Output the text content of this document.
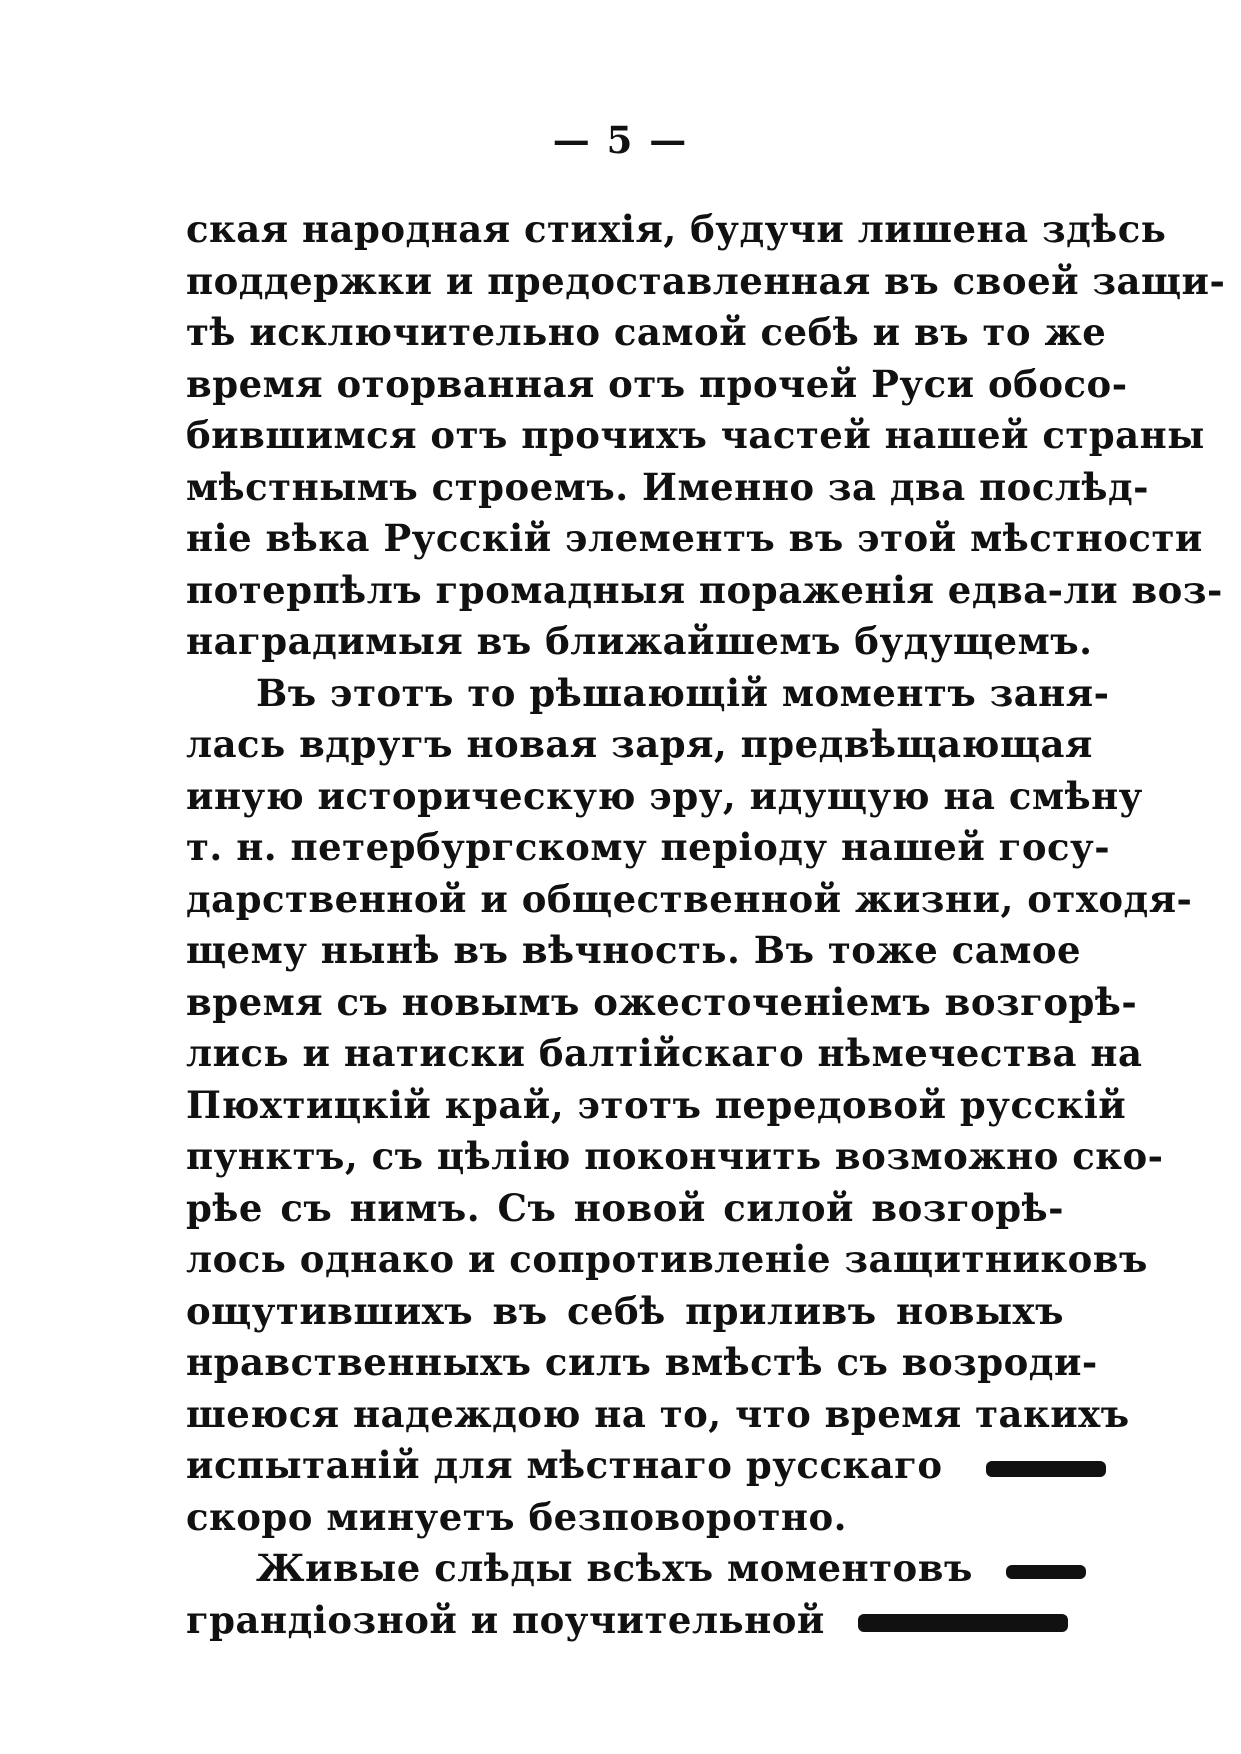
— 5 —
ская народная стихія, будучи лишена здѣсь
поддержки и предоставленная въ своей защи-
тѣ исключительно самой себѣ и въ то же
время оторванная отъ прочей Руси обосо-
бившимся отъ прочихъ частей нашей страны
мѣстнымъ строемъ. Именно за два послѣд-
ніе вѣка Русскій элементъ въ этой мѣстности
потерпѣлъ громадныя пораженія едва-ли воз-
наградимыя въ ближайшемъ будущемъ.
Въ этотъ то рѣшающій моментъ заня-
лась вдругъ новая заря, предвѣщающая
иную историческую эру, идущую на смѣну
т. н. петербургскому періоду нашей госу-
дарственной и общественной жизни, отходя-
щему нынѣ въ вѣчность. Въ тоже самое
время съ новымъ ожесточеніемъ возгорѣ-
лись и натиски балтійскаго нѣмечества на
Пюхтицкій край, этотъ передовой русскій
пунктъ, съ цѣлію покончить возможно ско-
рѣе съ нимъ. Съ новой силой возгорѣ-
лось однако и сопротивленіе защитниковъ
ощутившихъ въ себѣ приливъ новыхъ
нравственныхъ силъ вмѣстѣ съ возроди-
шеюся надеждою на то, что время такихъ
испытаній для мѣстнаго русскаго
скоро минуетъ безповоротно.
Живые слѣды всѣхъ моментовъ
грандіозной и поучительной
